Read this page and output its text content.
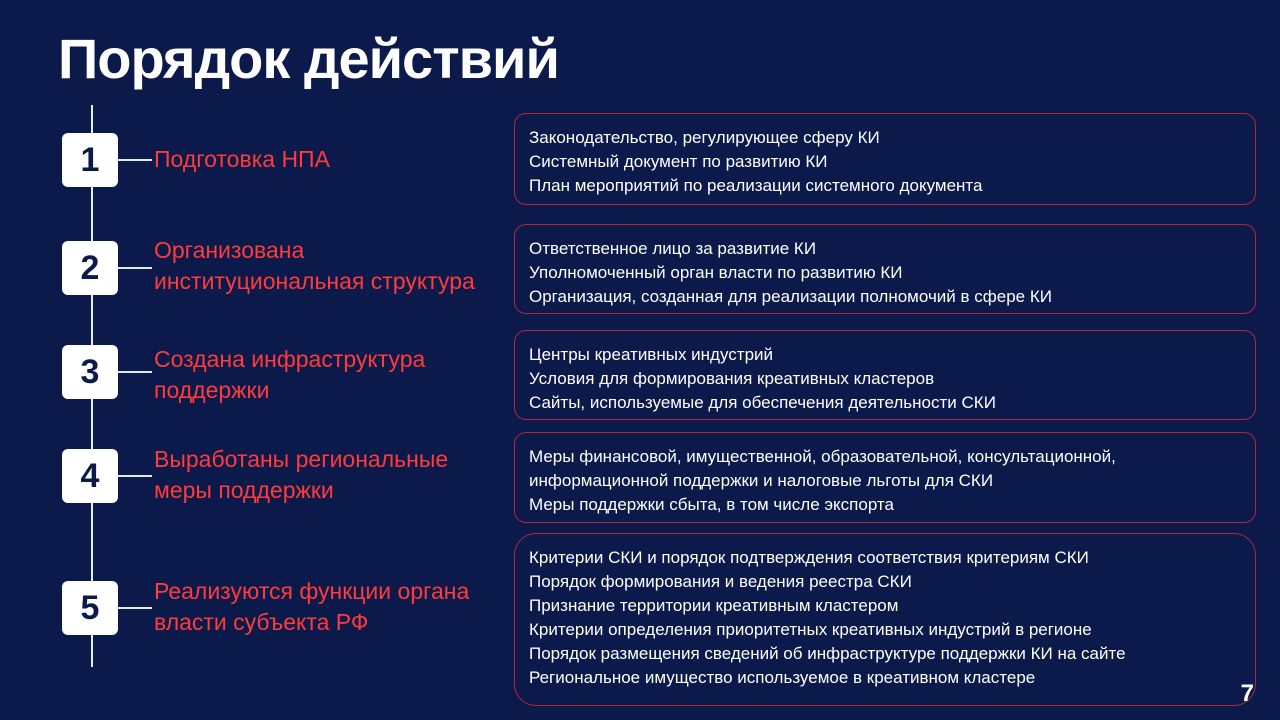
Порядок действий
1	Подготовка НПА
Законодательство, регулирующее сферу КИ
Системный документ по развитию КИ
План мероприятий по реализации системного документа
2	Организована институциональная структура
Ответственное лицо за развитие КИ
Уполномоченный орган власти по развитию КИ
Организация, созданная для реализации полномочий в сфере КИ
3	Создана инфраструктура поддержки
Центры креативных индустрий
Условия для формирования креативных кластеров
Сайты, используемые для обеспечения деятельности СКИ
4	Выработаны региональные меры поддержки
Меры финансовой, имущественной, образовательной, консультационной,
информационной поддержки и налоговые льготы для СКИ
Меры поддержки сбыта, в том числе экспорта
5	Реализуются функции органа власти субъекта РФ
Критерии СКИ и порядок подтверждения соответствия критериям СКИ
Порядок формирования и ведения реестра СКИ
Признание территории креативным кластером
Критерии определения приоритетных креативных индустрий в регионе
Порядок размещения сведений об инфраструктуре поддержки КИ на сайте
Региональное имущество используемое в креативном кластере
7
